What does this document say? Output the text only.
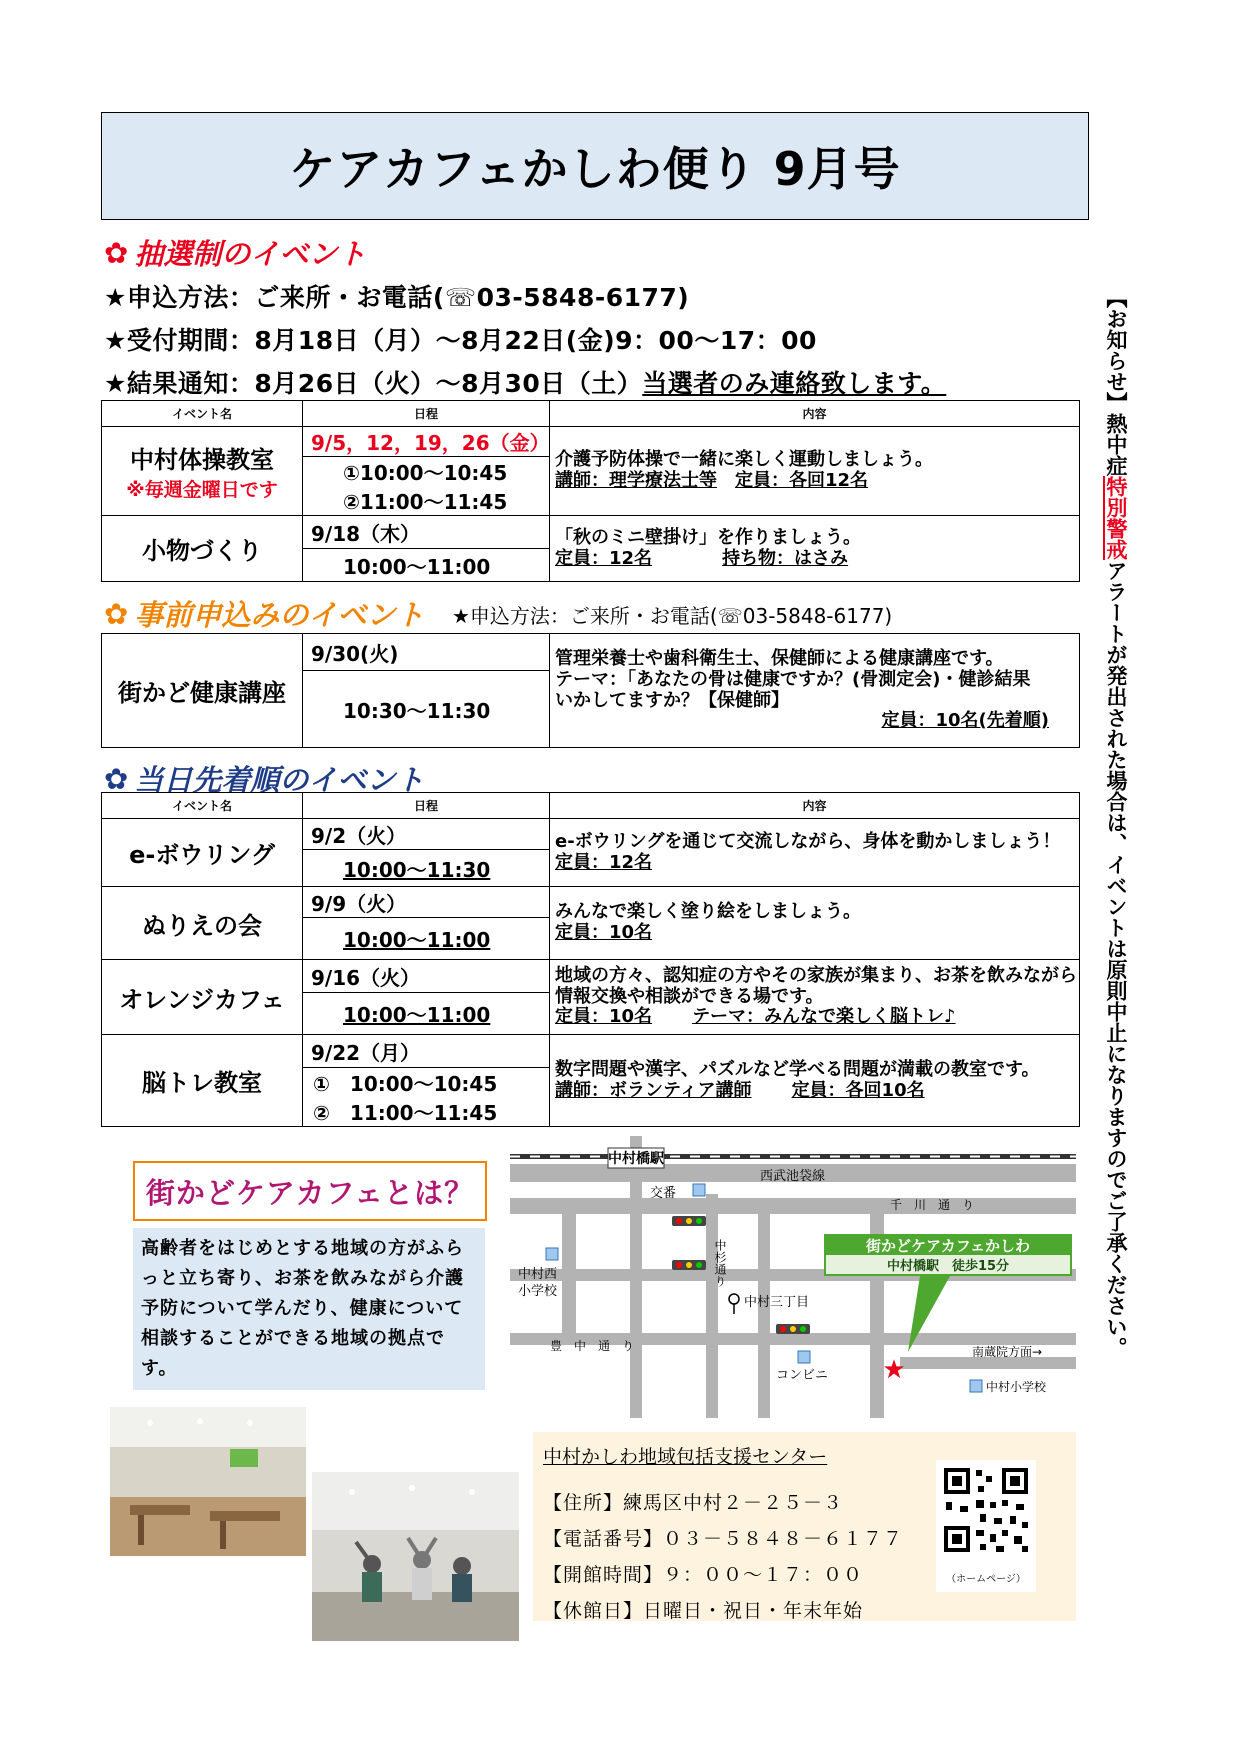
ケアカフェかしわ便り 9月号
✿ 抽選制のイベント
★申込方法：ご来所・お電話(☏03-5848-6177)
★受付期間：8月18日（月）～8月22日(金)9：00～17：00
★結果通知：8月26日（火）～8月30日（土）当選者のみ連絡致します。
イベント名	日程	内容
中村体操教室
※毎週金曜日です	9/5，12，19，26（金）	介護予防体操で一緒に楽しく運動しましょう。
講師：理学療法士等　 定員：各回12名
	①10:00～10:45
②11:00～11:45	
小物づくり	9/18（木）	「秋のミニ壁掛け」を作りましょう。
定員：12名 持ち物：はさみ
	10:00～11:00	
✿ 事前申込みのイベント ★申込方法：ご来所・お電話(☏03-5848-6177)
街かど健康講座	9/30(火)	管理栄養士や歯科衛生士、保健師による健康講座です。
テーマ：「あなたの骨は健康ですか？(骨測定会)・健診結果
いかしてますか？【保健師】
定員：10名(先着順)

10:30～11:30
✿ 当日先着順のイベント
イベント名	日程	内容
e-ボウリング	9/2（火）	e-ボウリングを通じて交流しながら、身体を動かしましょう！
定員：12名
	10:00～11:30	
ぬりえの会	9/9（火）	みんなで楽しく塗り絵をしましょう。
定員：10名
	10:00～11:00	
オレンジカフェ	9/16（火）	地域の方々、認知症の方やその家族が集まり、お茶を飲みながら
情報交換や相談ができる場です。
定員：10名 テーマ：みんなで楽しく脳トレ♪
	10:00～11:00	
脳トレ教室	9/22（月）	数字問題や漢字、パズルなど学べる問題が満載の教室です。
講師：ボランティア講師 定員：各回10名
	①　10:00～10:45
②　11:00～11:45	
【お知らせ】熱中症特別警戒アラートが発出された場合は、イベントは原則中止になりますのでご了承ください。
街かどケアカフェとは？
高齢者をはじめとする地域の方がふらっと立ち寄り、お茶を飲みながら介護予防について学んだり、健康について相談することができる地域の拠点です。
中村橋駅
西武池袋線
交番
千　川　通　り
中杉通り
中村西
小学校
中村三丁目
豊　中　通　り
コンビニ
南蔵院方面→
中村小学校
街かどケアカフェかしわ
中村橋駅　徒歩15分
★
中村かしわ地域包括支援センター
【住所】練馬区中村２－２５－３
【電話番号】０３－５８４８－６１７７
【開館時間】９：００～１７：００
【休館日】日曜日・祝日・年末年始
（ホームページ）
